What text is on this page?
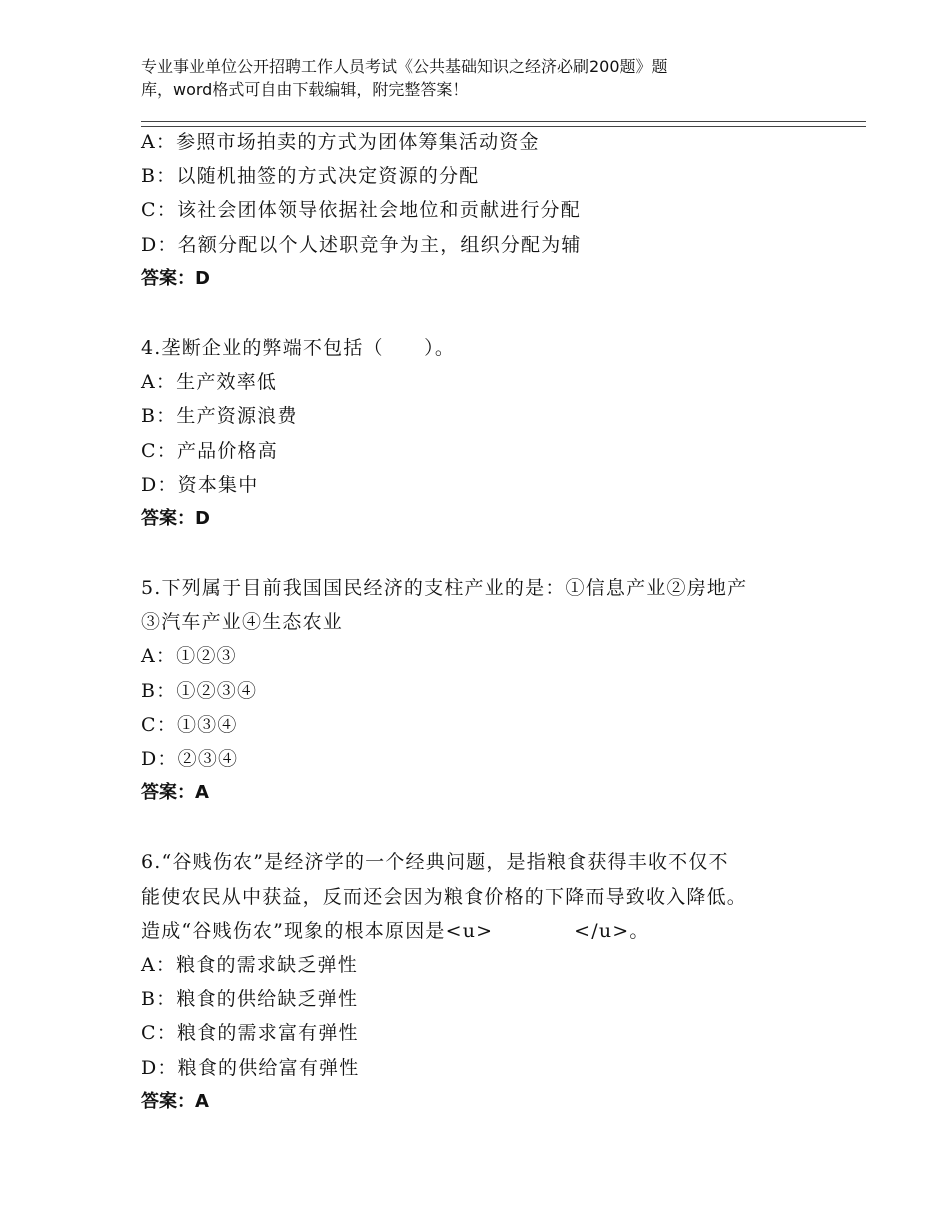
专业事业单位公开招聘工作人员考试《公共基础知识之经济必刷200题》题
库，word格式可自由下载编辑，附完整答案！
A：参照市场拍卖的方式为团体筹集活动资金
B：以随机抽签的方式决定资源的分配
C：该社会团体领导依据社会地位和贡献进行分配
D：名额分配以个人述职竞争为主，组织分配为辅
答案：D
4.垄断企业的弊端不包括（　　）。
A：生产效率低
B：生产资源浪费
C：产品价格高
D：资本集中
答案：D
5.下列属于目前我国国民经济的支柱产业的是：①信息产业②房地产
③汽车产业④生态农业
A：①②③
B：①②③④
C：①③④
D：②③④
答案：A
6.“谷贱伤农”是经济学的一个经典问题，是指粮食获得丰收不仅不
能使农民从中获益，反而还会因为粮食价格的下降而导致收入降低。
造成“谷贱伤农”现象的根本原因是<u>　　　　</u>。
A：粮食的需求缺乏弹性
B：粮食的供给缺乏弹性
C：粮食的需求富有弹性
D：粮食的供给富有弹性
答案：A
